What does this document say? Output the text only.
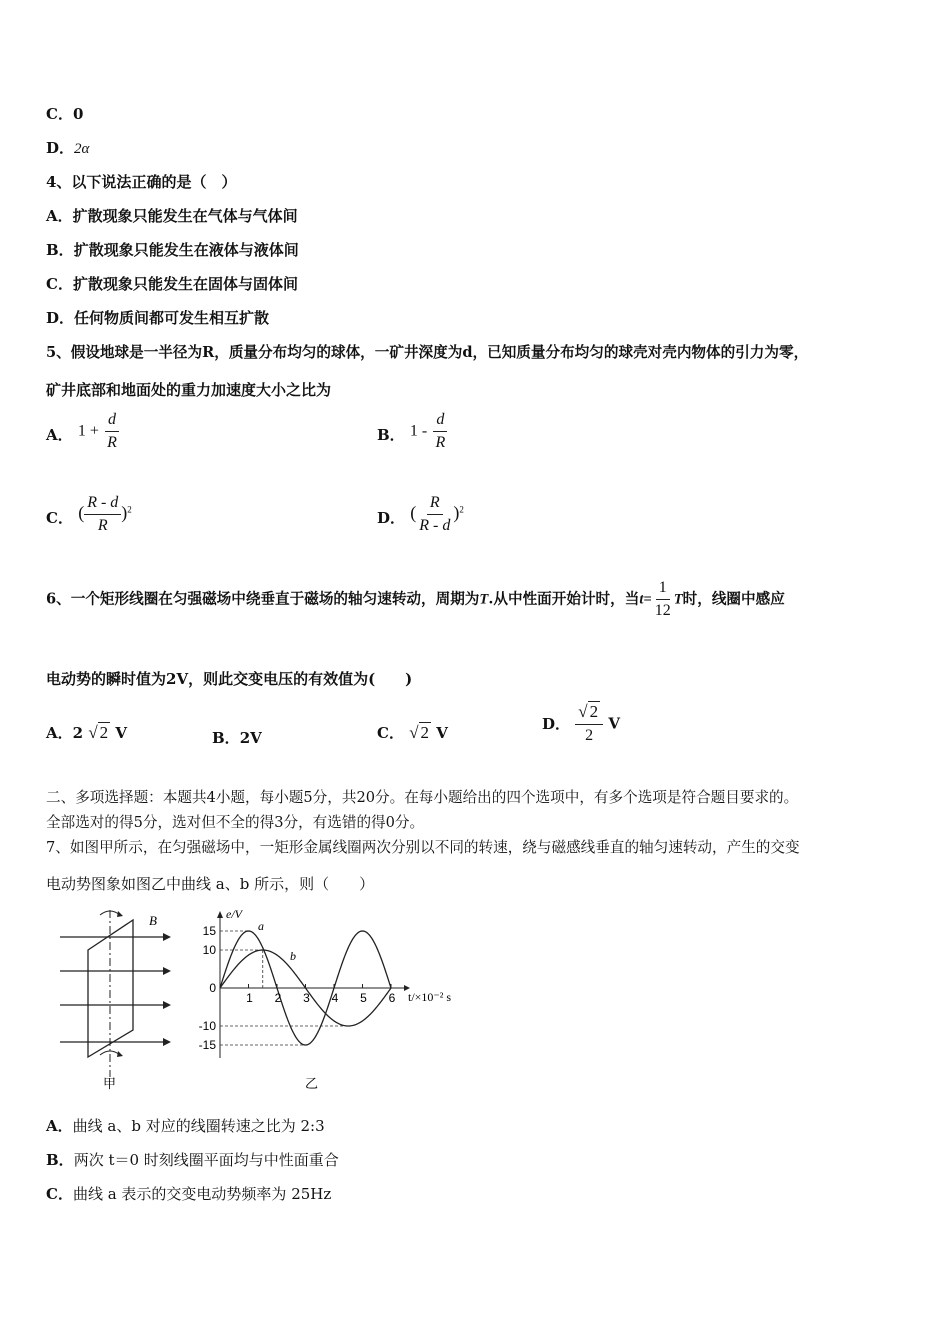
C．0
D．2α
4、以下说法正确的是（　）
A．扩散现象只能发生在气体与气体间
B．扩散现象只能发生在液体与液体间
C．扩散现象只能发生在固体与固体间
D．任何物质间都可发生相互扩散
5、假设地球是一半径为R，质量分布均匀的球体，一矿井深度为d，已知质量分布均匀的球壳对壳内物体的引力为零，
矿井底部和地面处的重力加速度大小之比为
A． $1 + \frac{d}{R}$	B． $1 - \frac{d}{R}$
C． ( $\frac{R - d}{R} )^2$	D． ( $\frac{R}{R - d} )^2$
6、一个矩形线圈在匀强磁场中绕垂直于磁场的轴匀速转动，周期为T.从中性面开始计时，当$t= \frac{1}{12}$ T时，线圈中感应
电动势的瞬时值为2V，则此交变电压的有效值为(　　)
A．2 √ 2 V	B．2V	C． √ 2 V	D． $\frac{√ 2}{2}$ V
二、多项选择题：本题共4小题，每小题5分，共20分。在每小题给出的四个选项中，有多个选项是符合题目要求的。
全部选对的得5分，选对但不全的得3分，有选错的得0分。
7、如图甲所示，在匀强磁场中，一矩形金属线圈两次分别以不同的转速，绕与磁感线垂直的轴匀速转动，产生的交变
电动势图象如图乙中曲线 a、b 所示，则（　　）
B
甲
1 2 3 4 5 6
15
10
0
-10
-15
e/V
t/×10⁻² s
a
b
乙
A．曲线 a、b 对应的线圈转速之比为 2:3
B．两次 t＝0 时刻线圈平面均与中性面重合
C．曲线 a 表示的交变电动势频率为 25Hz
